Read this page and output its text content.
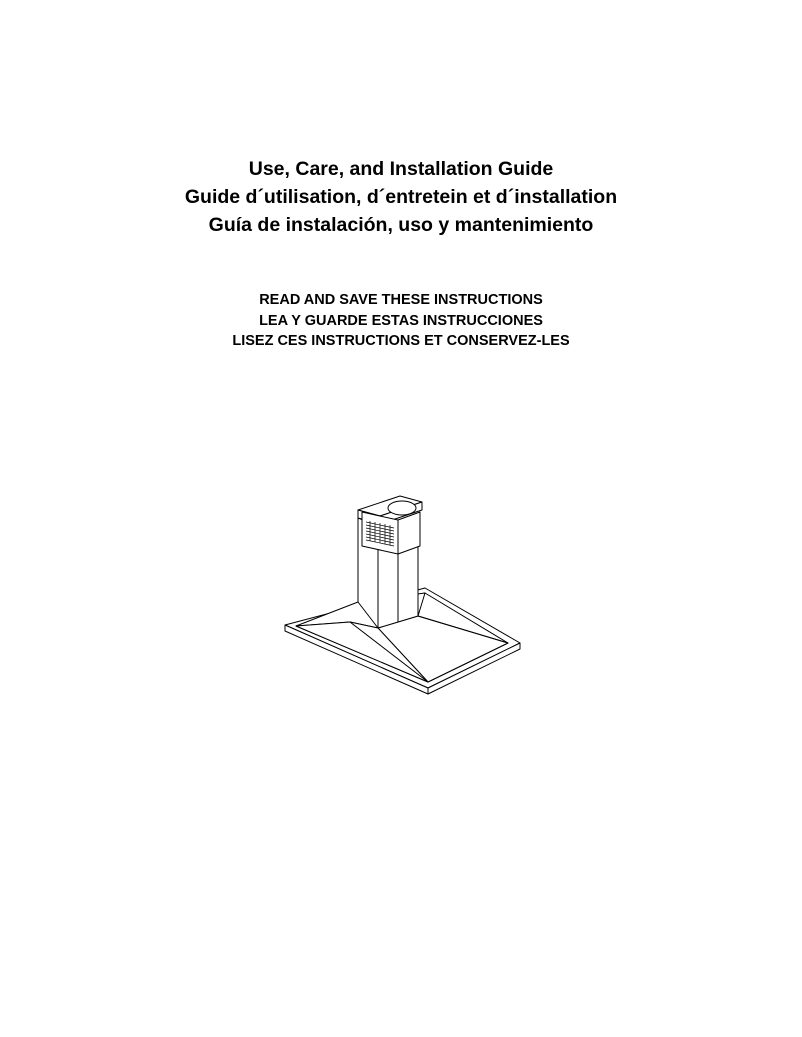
Use, Care, and Installation Guide
Guide d´utilisation, d´entretein et d´installation
Guía de instalación, uso y mantenimiento
READ AND SAVE THESE INSTRUCTIONS
LEA Y GUARDE ESTAS INSTRUCCIONES
LISEZ CES INSTRUCTIONS ET CONSERVEZ-LES
